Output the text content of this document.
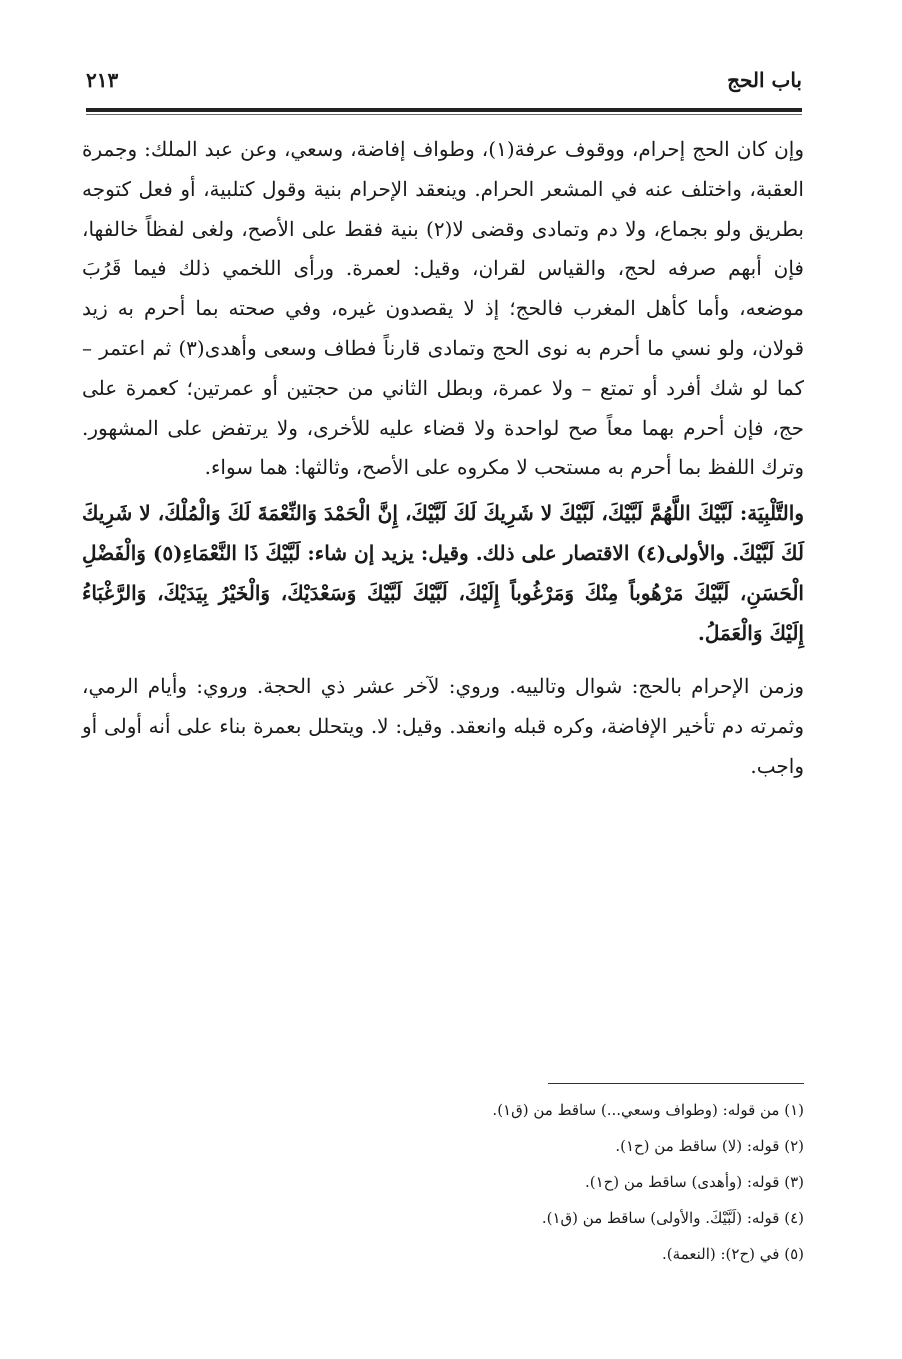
باب الحج
٢١٣

وإن كان الحج إحرام، ووقوف عرفة(١)، وطواف إفاضة، وسعي، وعن عبد الملك: وجمرة العقبة، واختلف عنه في المشعر الحرام. وينعقد الإحرام بنية وقول كتلبية، أو فعل كتوجه بطريق ولو بجماع، ولا دم وتمادى وقضى لا(٢) بنية فقط على الأصح، ولغى لفظاً خالفها، فإن أبهم صرفه لحج، والقياس لقران، وقيل: لعمرة. ورأى اللخمي ذلك فيما قَرُبَ موضعه، وأما كأهل المغرب فالحج؛ إذ لا يقصدون غيره، وفي صحته بما أحرم به زيد قولان، ولو نسي ما أحرم به نوى الحج وتمادى قارناً فطاف وسعى وأهدى(٣) ثم اعتمر – كما لو شك أفرد أو تمتع – ولا عمرة، وبطل الثاني من حجتين أو عمرتين؛ كعمرة على حج، فإن أحرم بهما معاً صح لواحدة ولا قضاء عليه للأخرى، ولا يرتفض على المشهور. وترك اللفظ بما أحرم به مستحب لا مكروه على الأصح، وثالثها: هما سواء.

والتَّلْبِيَة: لَبَّيْكَ اللَّهُمَّ لَبَّيْكَ، لَبَّيْكَ لا شَرِيكَ لَكَ لَبَّيْكَ، إِنَّ الْحَمْدَ وَالنِّعْمَةَ لَكَ وَالْمُلْكَ، لا شَرِيكَ لَكَ لَبَّيْكَ. والأولى(٤) الاقتصار على ذلك. وقيل: يزيد إن شاء: لَبَّيْكَ ذَا النَّعْمَاءِ(٥) وَالْفَضْلِ الْحَسَنِ، لَبَّيْكَ مَرْهُوباً مِنْكَ وَمَرْغُوباً إِلَيْكَ، لَبَّيْكَ لَبَّيْكَ وَسَعْدَيْكَ، وَالْخَيْرُ بِيَدَيْكَ، وَالرَّغْبَاءُ إِلَيْكَ وَالْعَمَلُ.

وزمن الإحرام بالحج: شوال وتالييه. وروي: لآخر عشر ذي الحجة. وروي: وأيام الرمي، وثمرته دم تأخير الإفاضة، وكره قبله وانعقد. وقيل: لا. ويتحلل بعمرة بناء على أنه أولى أو واجب.

(١) من قوله: (وطواف وسعي...) ساقط من (ق١).
(٢) قوله: (لا) ساقط من (ح١).
(٣) قوله: (وأهدى) ساقط من (ح١).
(٤) قوله: (لَبَّيْكَ. والأولى) ساقط من (ق١).
(٥) في (ح٢): (النعمة).
